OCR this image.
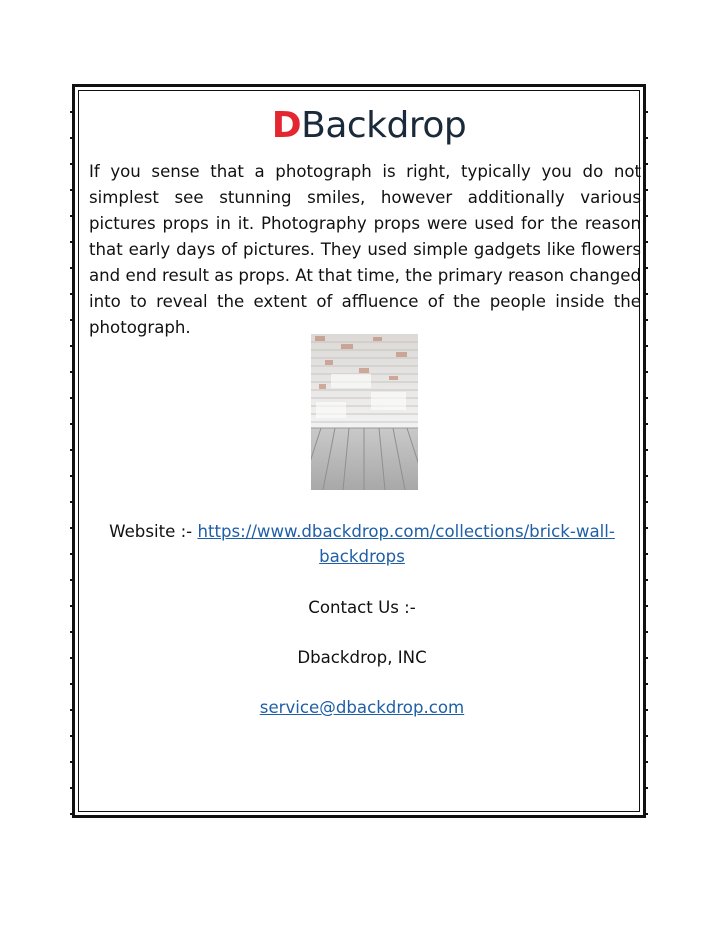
D Backdrop
If you sense that a photograph is right, typically you do not simplest see stunning smiles, however additionally various pictures props in it. Photography props were used for the reason that early days of pictures. They used simple gadgets like flowers and end result as props. At that time, the primary reason changed into to reveal the extent of affluence of the people inside the photograph.
Website :- https://www.dbackdrop.com/collections/brick-wall-
backdrops
Contact Us :-
Dbackdrop, INC
service@dbackdrop.com
